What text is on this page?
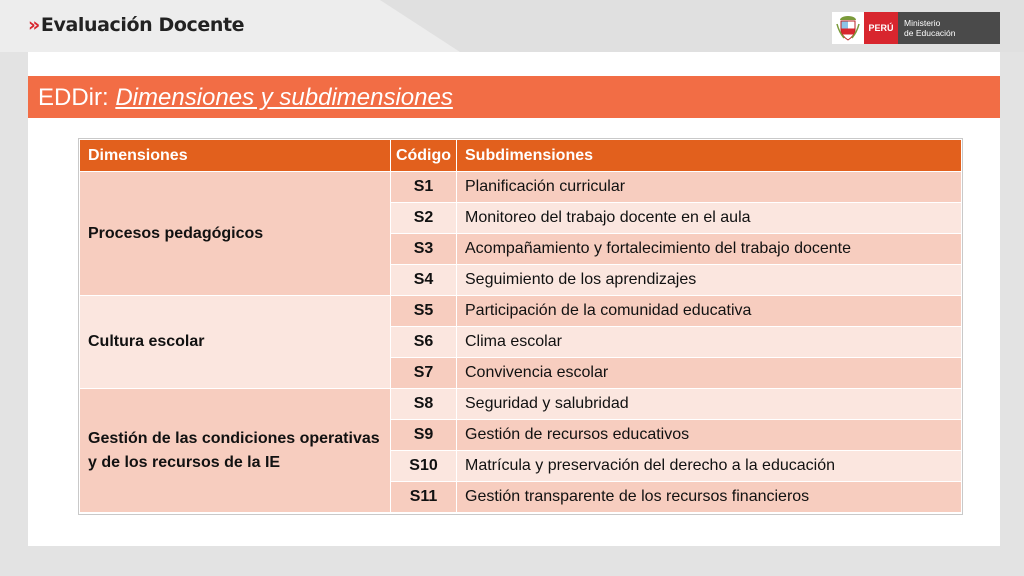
»Evaluación Docente	PERÚ	Ministerio
de Educación
EDDir: Dimensiones y subdimensiones
Dimensiones	Código	Subdimensiones
Procesos pedagógicos	S1	Planificación curricular
	S2	Monitoreo del trabajo docente en el aula
	S3	Acompañamiento y fortalecimiento del trabajo docente
	S4	Seguimiento de los aprendizajes
Cultura escolar	S5	Participación de la comunidad educativa
	S6	Clima escolar
	S7	Convivencia escolar
Gestión de las condiciones operativas y de los recursos de la IE	S8	Seguridad y salubridad
	S9	Gestión de recursos educativos
	S10	Matrícula y preservación del derecho a la educación
	S11	Gestión transparente de los recursos financieros
